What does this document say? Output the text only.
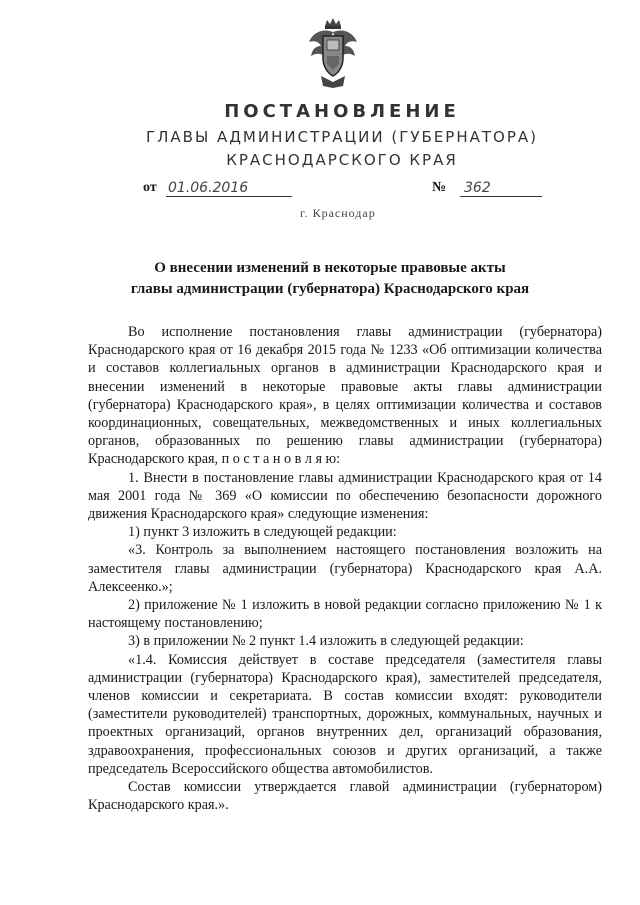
ПОСТАНОВЛЕНИЕ
ГЛАВЫ АДМИНИСТРАЦИИ (ГУБЕРНАТОРА)
КРАСНОДАРСКОГО КРАЯ
от 01.06.2016	№ 362
г. Краснодар
О внесении изменений в некоторые правовые акты
главы администрации (губернатора) Краснодарского края

Во исполнение постановления главы администрации (губернатора) Краснодарского края от 16 декабря 2015 года № 1233 «Об оптимизации количества и составов коллегиальных органов в администрации Краснодарского края и внесении изменений в некоторые правовые акты главы администрации (губернатора) Краснодарского края», в целях оптимизации количества и составов координационных, совещательных, межведомственных и иных коллегиальных органов, образованных по решению главы администрации (губернатора) Краснодарского края, п о с т а н о в л я ю:

1. Внести в постановление главы администрации Краснодарского края от 14 мая 2001 года № 369 «О комиссии по обеспечению безопасности дорожного движения Краснодарского края» следующие изменения:

1) пункт 3 изложить в следующей редакции:

«3. Контроль за выполнением настоящего постановления возложить на заместителя главы администрации (губернатора) Краснодарского края А.А. Алексеенко.»;

2) приложение № 1 изложить в новой редакции согласно приложению № 1 к настоящему постановлению;

3) в приложении № 2 пункт 1.4 изложить в следующей редакции:

«1.4. Комиссия действует в составе председателя (заместителя главы администрации (губернатора) Краснодарского края), заместителей председателя, членов комиссии и секретариата. В состав комиссии входят: руководители (заместители руководителей) транспортных, дорожных, коммунальных, научных и проектных организаций, органов внутренних дел, организаций образования, здравоохранения, профессиональных союзов и других организаций, а также председатель Всероссийского общества автомобилистов.

Состав комиссии утверждается главой администрации (губернатором) Краснодарского края.».
